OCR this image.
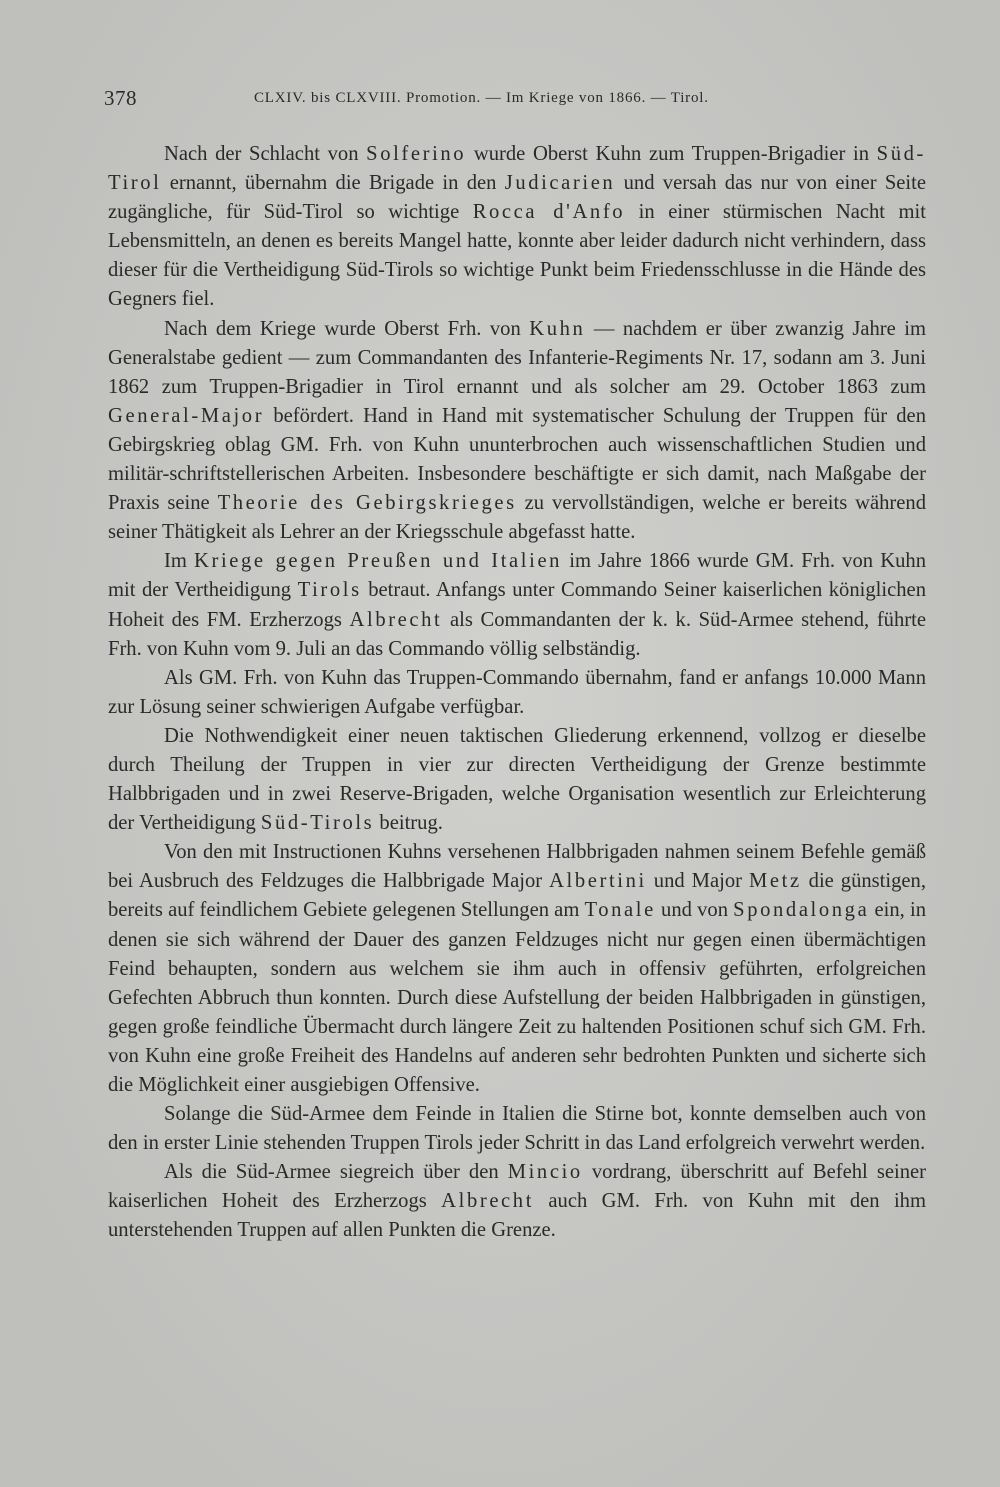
378	CLXIV. bis CLXVIII. Promotion. — Im Kriege von 1866. — Tirol.

Nach der Schlacht von Solferino wurde Oberst Kuhn zum Truppen-Brigadier in Süd-Tirol ernannt, übernahm die Brigade in den Judicarien und versah das nur von einer Seite zugängliche, für Süd-Tirol so wichtige Rocca d'Anfo in einer stürmischen Nacht mit Lebensmitteln, an denen es bereits Mangel hatte, konnte aber leider dadurch nicht verhindern, dass dieser für die Vertheidigung Süd-Tirols so wichtige Punkt beim Friedensschlusse in die Hände des Gegners fiel.

Nach dem Kriege wurde Oberst Frh. von Kuhn — nachdem er über zwanzig Jahre im Generalstabe gedient — zum Commandanten des Infanterie-Regiments Nr. 17, sodann am 3. Juni 1862 zum Truppen-Brigadier in Tirol ernannt und als solcher am 29. October 1863 zum General-Major befördert. Hand in Hand mit systematischer Schulung der Truppen für den Gebirgskrieg oblag GM. Frh. von Kuhn ununterbrochen auch wissenschaftlichen Studien und militär-schriftstellerischen Arbeiten. Insbesondere beschäftigte er sich damit, nach Maßgabe der Praxis seine Theorie des Gebirgskrieges zu vervollständigen, welche er bereits während seiner Thätigkeit als Lehrer an der Kriegsschule abgefasst hatte.

Im Kriege gegen Preußen und Italien im Jahre 1866 wurde GM. Frh. von Kuhn mit der Vertheidigung Tirols betraut. Anfangs unter Commando Seiner kaiserlichen königlichen Hoheit des FM. Erzherzogs Albrecht als Commandanten der k. k. Süd-Armee stehend, führte Frh. von Kuhn vom 9. Juli an das Commando völlig selbständig.

Als GM. Frh. von Kuhn das Truppen-Commando übernahm, fand er anfangs 10.000 Mann zur Lösung seiner schwierigen Aufgabe verfügbar.

Die Nothwendigkeit einer neuen taktischen Gliederung erkennend, vollzog er dieselbe durch Theilung der Truppen in vier zur directen Vertheidigung der Grenze bestimmte Halbbrigaden und in zwei Reserve-Brigaden, welche Organisation wesentlich zur Erleichterung der Vertheidigung Süd-Tirols beitrug.

Von den mit Instructionen Kuhns versehenen Halbbrigaden nahmen seinem Befehle gemäß bei Ausbruch des Feldzuges die Halbbrigade Major Albertini und Major Metz die günstigen, bereits auf feindlichem Gebiete gelegenen Stellungen am Tonale und von Spondalonga ein, in denen sie sich während der Dauer des ganzen Feldzuges nicht nur gegen einen übermächtigen Feind behaupten, sondern aus welchem sie ihm auch in offensiv geführten, erfolgreichen Gefechten Abbruch thun konnten. Durch diese Aufstellung der beiden Halbbrigaden in günstigen, gegen große feindliche Übermacht durch längere Zeit zu haltenden Positionen schuf sich GM. Frh. von Kuhn eine große Freiheit des Handelns auf anderen sehr bedrohten Punkten und sicherte sich die Möglichkeit einer ausgiebigen Offensive.

Solange die Süd-Armee dem Feinde in Italien die Stirne bot, konnte demselben auch von den in erster Linie stehenden Truppen Tirols jeder Schritt in das Land erfolgreich verwehrt werden.

Als die Süd-Armee siegreich über den Mincio vordrang, überschritt auf Befehl seiner kaiserlichen Hoheit des Erzherzogs Albrecht auch GM. Frh. von Kuhn mit den ihm unterstehenden Truppen auf allen Punkten die Grenze.
